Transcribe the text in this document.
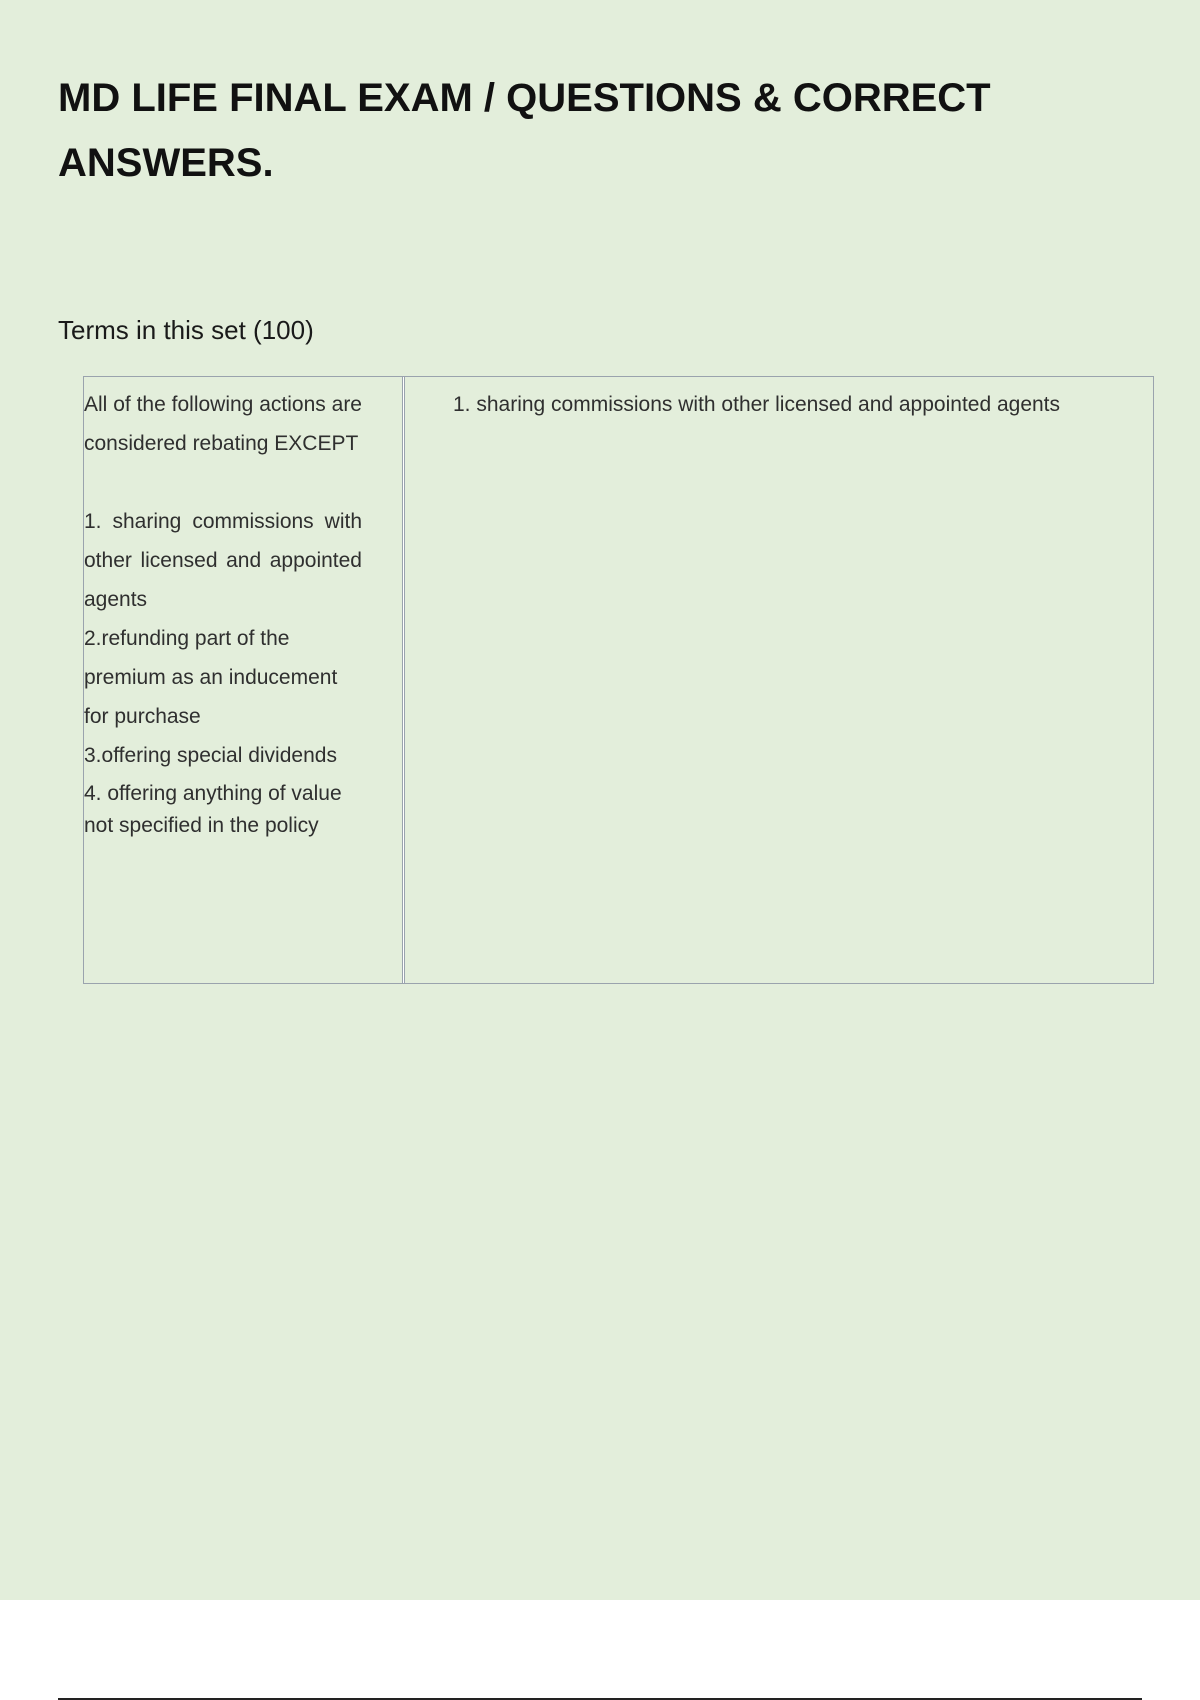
MD LIFE FINAL EXAM / QUESTIONS & CORRECT ANSWERS.

Terms in this set (100)

All of the following actions are considered rebating EXCEPT

1. sharing commissions with other licensed and appointed agents

2.refunding part of the premium as an inducement for purchase

3.offering special dividends

4. offering anything of value not specified in the policy

1. sharing commissions with other licensed and appointed agents
